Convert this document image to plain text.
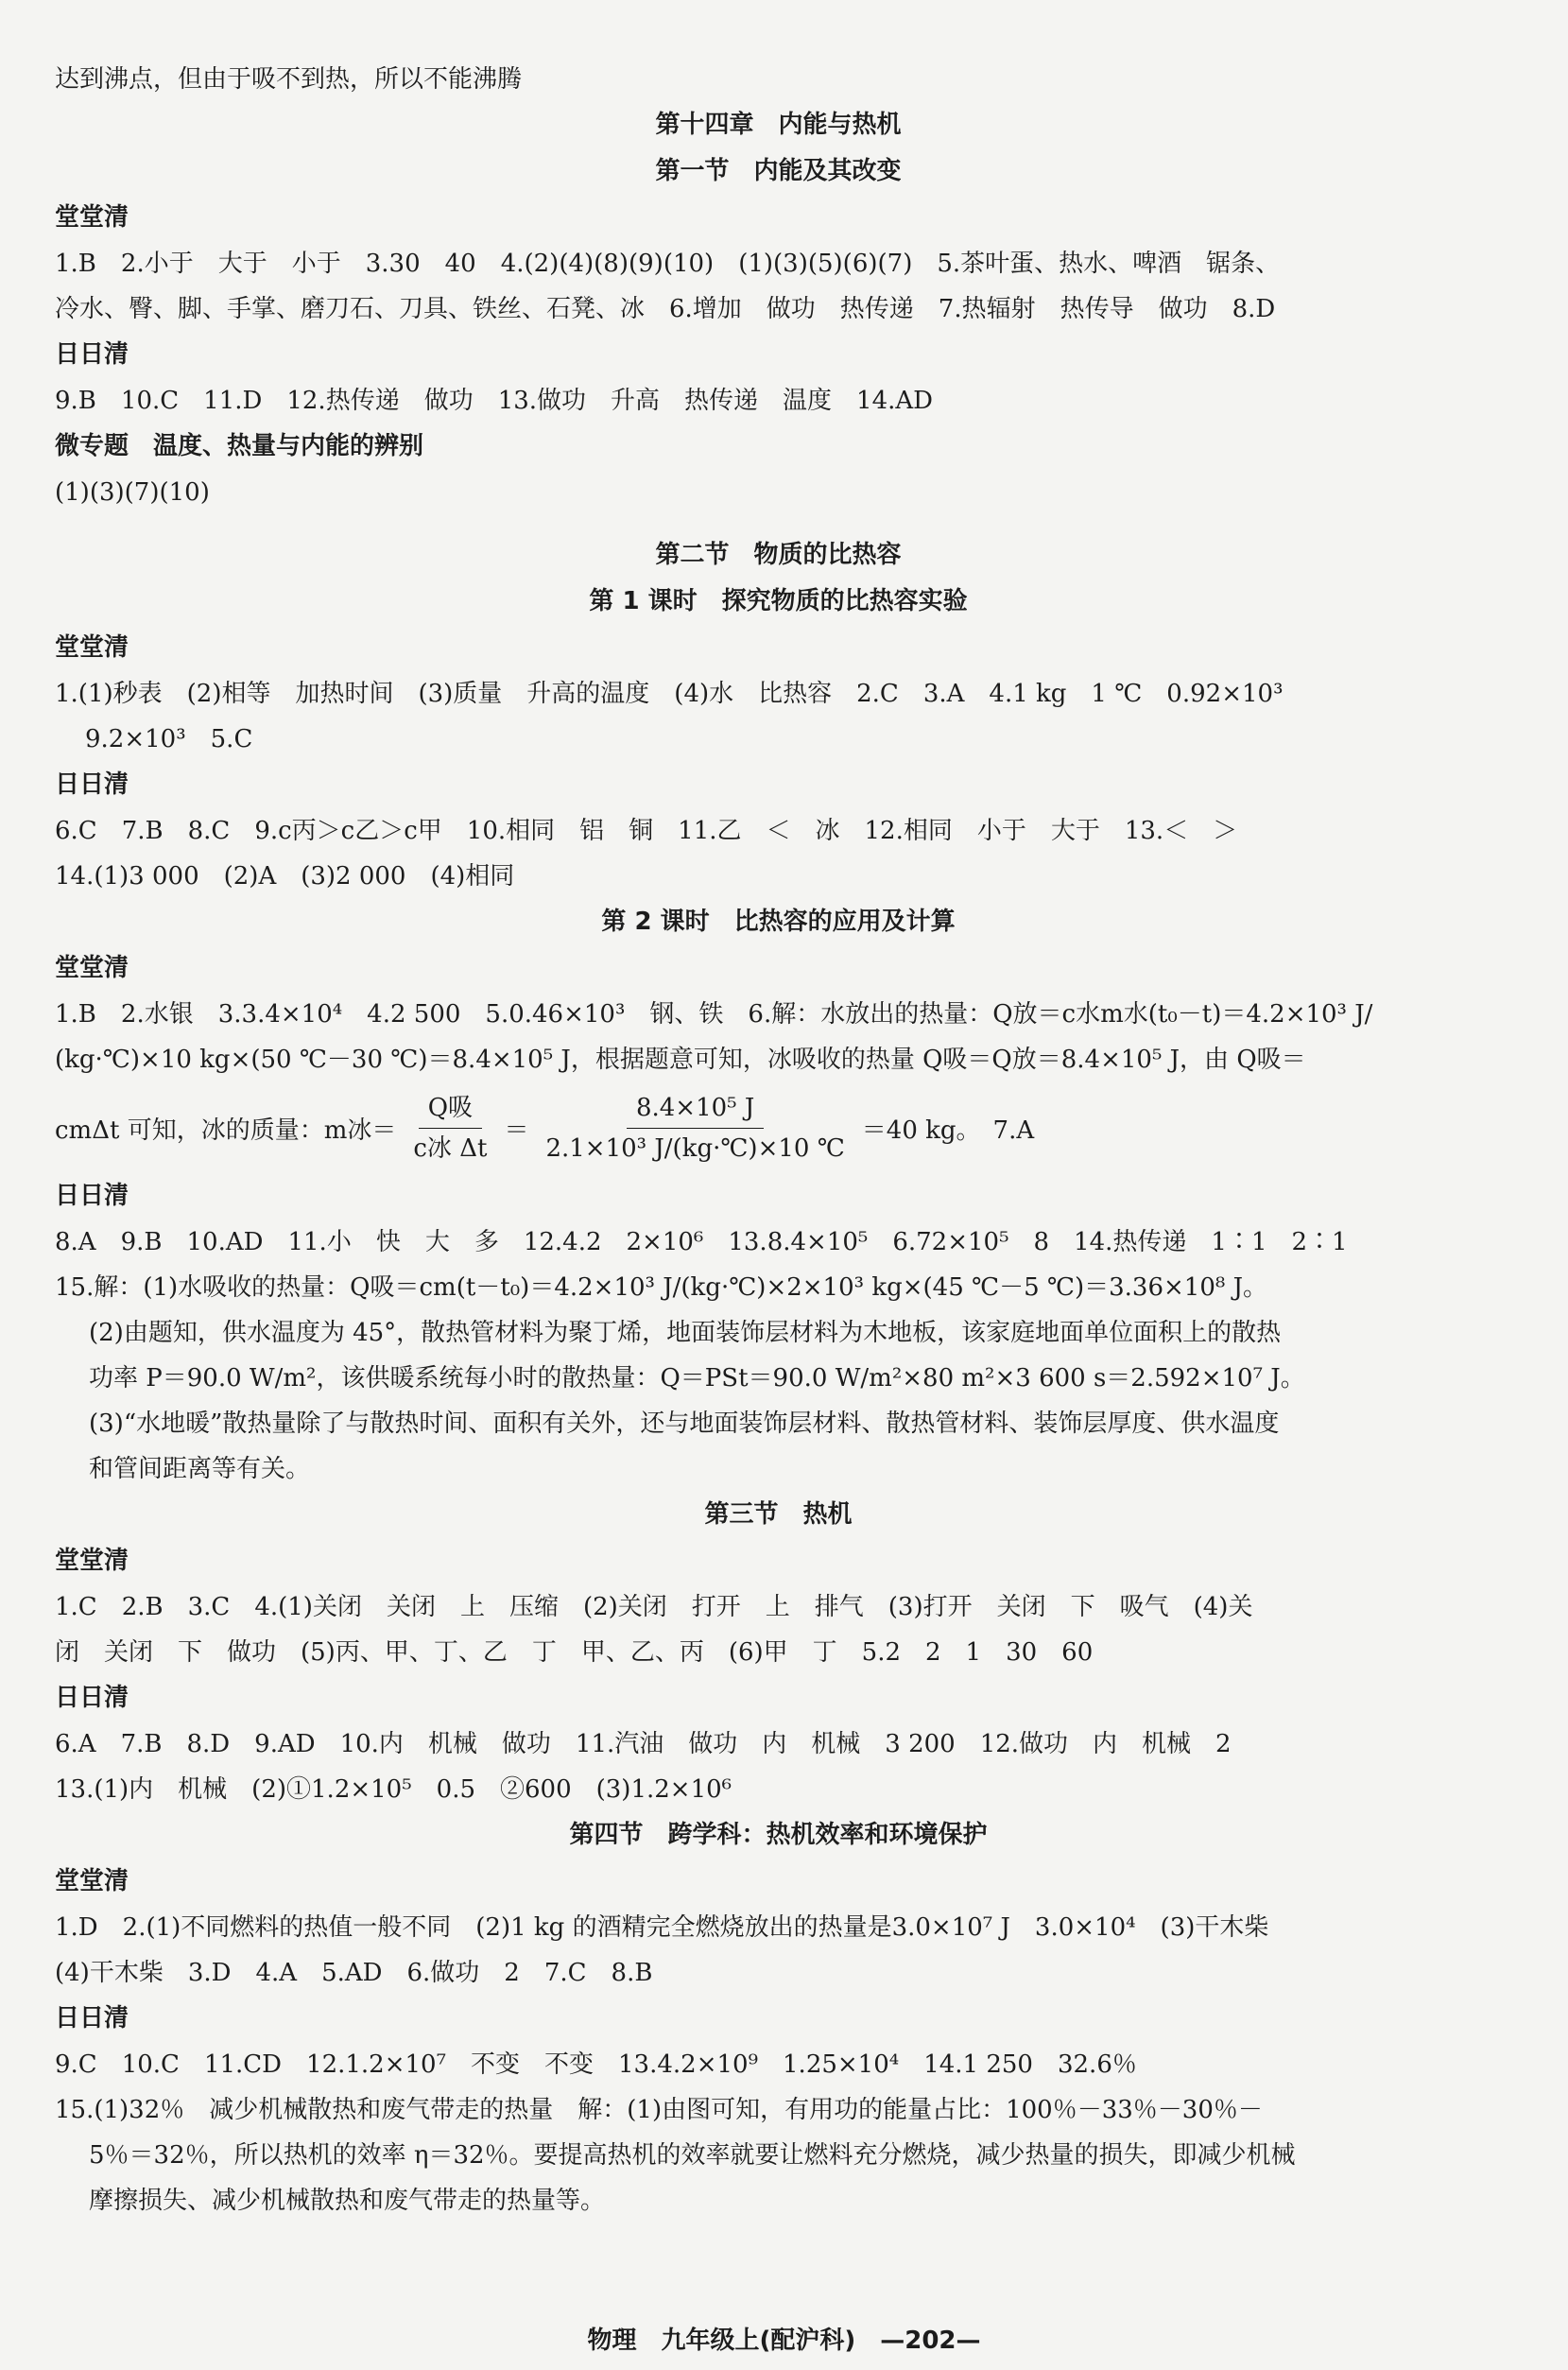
达到沸点，但由于吸不到热，所以不能沸腾
第十四章　内能与热机
第一节　内能及其改变
堂堂清
1.B　2.小于　大于　小于　3.30　40　4.(2)(4)(8)(9)(10)　(1)(3)(5)(6)(7)　5.茶叶蛋、热水、啤酒　锯条、
冷水、臀、脚、手掌、磨刀石、刀具、铁丝、石凳、冰　6.增加　做功　热传递　7.热辐射　热传导　做功　8.D
日日清
9.B　10.C　11.D　12.热传递　做功　13.做功　升高　热传递　温度　14.AD
微专题　温度、热量与内能的辨别
(1)(3)(7)(10)
第二节　物质的比热容
第 1 课时　探究物质的比热容实验
堂堂清
1.(1)秒表　(2)相等　加热时间　(3)质量　升高的温度　(4)水　比热容　2.C　3.A　4.1 kg　1 ℃　0.92×10³
9.2×10³　5.C
日日清
6.C　7.B　8.C　9.c丙＞c乙＞c甲　10.相同　铝　铜　11.乙　＜　冰　12.相同　小于　大于　13.＜　＞
14.(1)3 000　(2)A　(3)2 000　(4)相同
第 2 课时　比热容的应用及计算
堂堂清
1.B　2.水银　3.3.4×10⁴　4.2 500　5.0.46×10³　钢、铁　6.解：水放出的热量：Q放＝c水m水(t₀－t)＝4.2×10³ J/
(kg·℃)×10 kg×(50 ℃－30 ℃)＝8.4×10⁵ J，根据题意可知，冰吸收的热量 Q吸＝Q放＝8.4×10⁵ J，由 Q吸＝
cmΔt 可知，冰的质量：m冰＝ $\frac{\text{Q吸}}{\text{c冰 Δt}} = \frac{\text{8.4×10⁵ J}}{\text{2.1×10³ J/(kg·℃)×10 ℃}} =40$ kg。　7.A
日日清
8.A　9.B　10.AD　11.小　快　大　多　12.4.2　2×10⁶　13.8.4×10⁵　6.72×10⁵　8　14.热传递　1∶1　2∶1
15.解：(1)水吸收的热量：Q吸＝cm(t－t₀)＝4.2×10³ J/(kg·℃)×2×10³ kg×(45 ℃－5 ℃)＝3.36×10⁸ J。
(2)由题知，供水温度为 45°，散热管材料为聚丁烯，地面装饰层材料为木地板，该家庭地面单位面积上的散热
功率 P＝90.0 W/m²，该供暖系统每小时的散热量：Q＝PSt＝90.0 W/m²×80 m²×3 600 s＝2.592×10⁷ J。
(3)“水地暖”散热量除了与散热时间、面积有关外，还与地面装饰层材料、散热管材料、装饰层厚度、供水温度
和管间距离等有关。
第三节　热机
堂堂清
1.C　2.B　3.C　4.(1)关闭　关闭　上　压缩　(2)关闭　打开　上　排气　(3)打开　关闭　下　吸气　(4)关
闭　关闭　下　做功　(5)丙、甲、丁、乙　丁　甲、乙、丙　(6)甲　丁　5.2　2　1　30　60
日日清
6.A　7.B　8.D　9.AD　10.内　机械　做功　11.汽油　做功　内　机械　3 200　12.做功　内　机械　2
13.(1)内　机械　(2)①1.2×10⁵　0.5　②600　(3)1.2×10⁶
第四节　跨学科：热机效率和环境保护
堂堂清
1.D　2.(1)不同燃料的热值一般不同　(2)1 kg 的酒精完全燃烧放出的热量是3.0×10⁷ J　3.0×10⁴　(3)干木柴
(4)干木柴　3.D　4.A　5.AD　6.做功　2　7.C　8.B
日日清
9.C　10.C　11.CD　12.1.2×10⁷　不变　不变　13.4.2×10⁹　1.25×10⁴　14.1 250　32.6％
15.(1)32％　减少机械散热和废气带走的热量　解：(1)由图可知，有用功的能量占比：100％－33％－30％－
5％＝32％，所以热机的效率 η＝32％。要提高热机的效率就要让燃料充分燃烧，减少热量的损失，即减少机械
摩擦损失、减少机械散热和废气带走的热量等。
物理　九年级上(配沪科)　—202—
